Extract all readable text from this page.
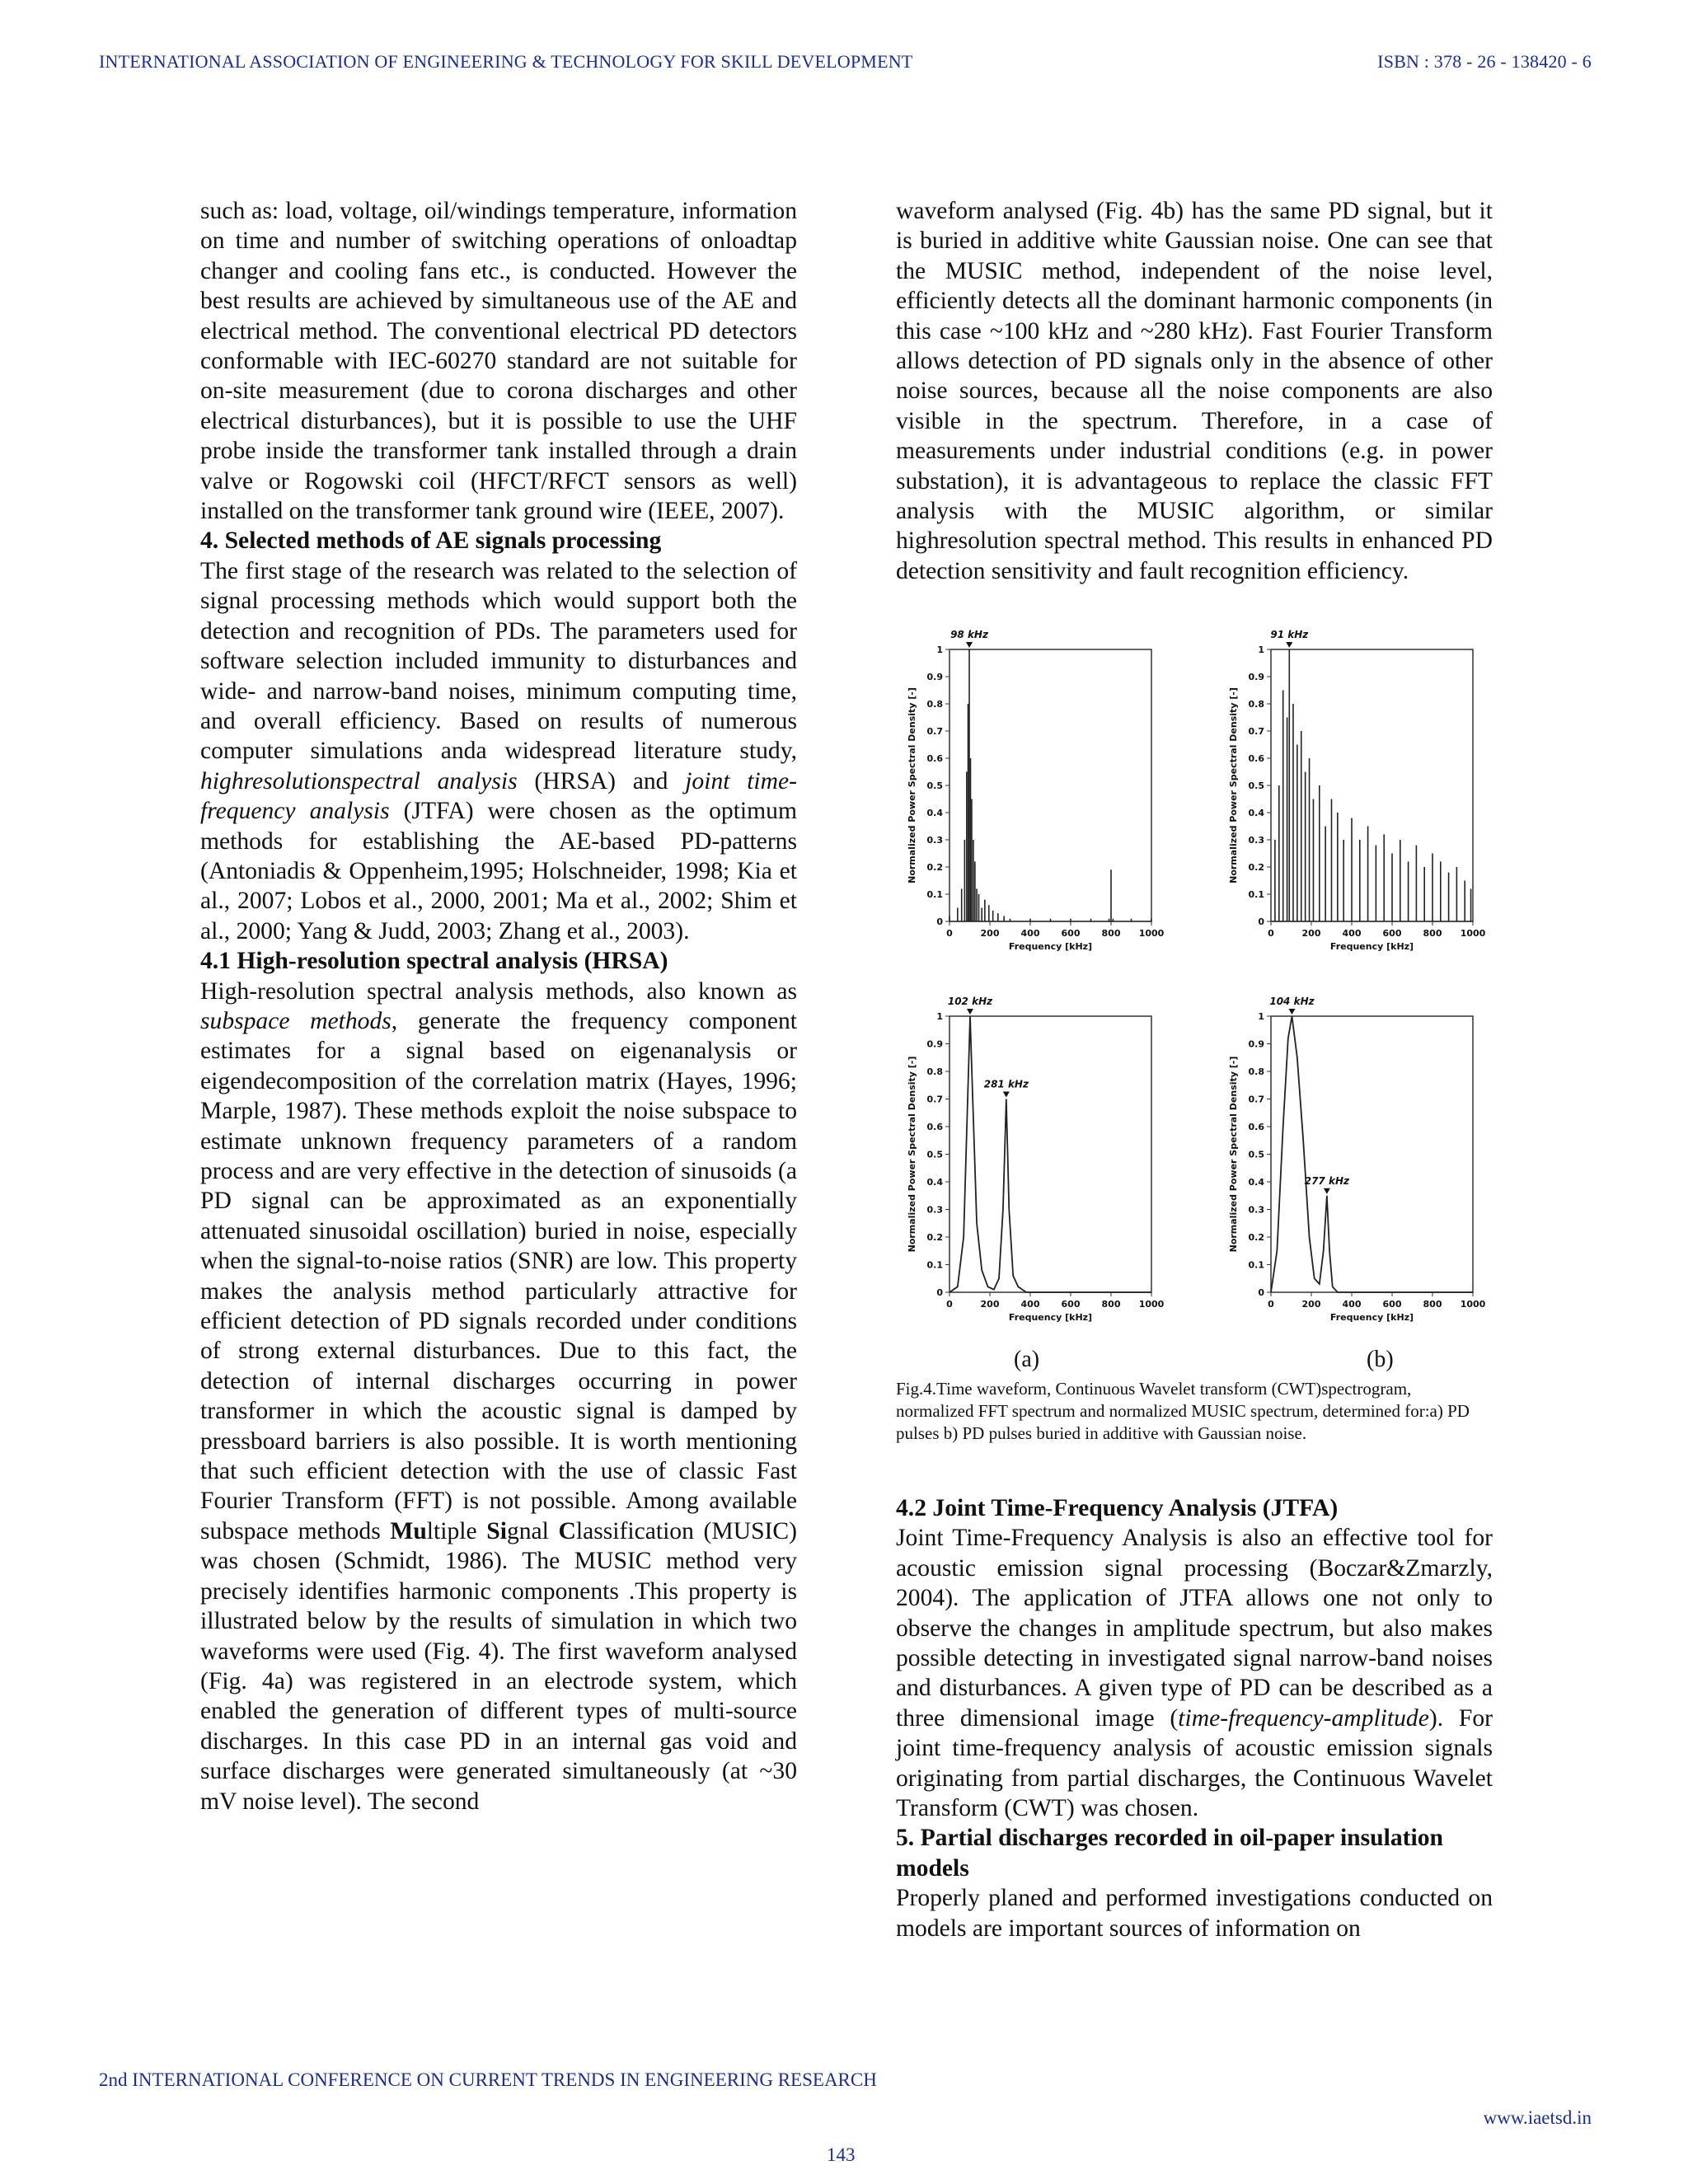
INTERNATIONAL ASSOCIATION OF ENGINEERING & TECHNOLOGY FOR SKILL DEVELOPMENT	ISBN : 378 - 26 - 138420 - 6

such as: load, voltage, oil/windings temperature, information on time and number of switching operations of onloadtap changer and cooling fans etc., is conducted. However the best results are achieved by simultaneous use of the AE and electrical method. The conventional electrical PD detectors conformable with IEC-60270 standard are not suitable for on-site measurement (due to corona discharges and other electrical disturbances), but it is possible to use the UHF probe inside the transformer tank installed through a drain valve or Rogowski coil (HFCT/RFCT sensors as well) installed on the transformer tank ground wire (IEEE, 2007).

4. Selected methods of AE signals processing

The first stage of the research was related to the selection of signal processing methods which would support both the detection and recognition of PDs. The parameters used for software selection included immunity to disturbances and wide- and narrow-band noises, minimum computing time, and overall efficiency. Based on results of numerous computer simulations anda widespread literature study, highresolutionspectral analysis (HRSA) and joint time-frequency analysis (JTFA) were chosen as the optimum methods for establishing the AE-based PD-patterns (Antoniadis & Oppenheim,1995; Holschneider, 1998; Kia et al., 2007; Lobos et al., 2000, 2001; Ma et al., 2002; Shim et al., 2000; Yang & Judd, 2003; Zhang et al., 2003).

4.1 High-resolution spectral analysis (HRSA)

High-resolution spectral analysis methods, also known as subspace methods, generate the frequency component estimates for a signal based on eigenanalysis or eigendecomposition of the correlation matrix (Hayes, 1996; Marple, 1987). These methods exploit the noise subspace to estimate unknown frequency parameters of a random process and are very effective in the detection of sinusoids (a PD signal can be approximated as an exponentially attenuated sinusoidal oscillation) buried in noise, especially when the signal-to-noise ratios (SNR) are low. This property makes the analysis method particularly attractive for efficient detection of PD signals recorded under conditions of strong external disturbances. Due to this fact, the detection of internal discharges occurring in power transformer in which the acoustic signal is damped by pressboard barriers is also possible. It is worth mentioning that such efficient detection with the use of classic Fast Fourier Transform (FFT) is not possible. Among available subspace methods Multiple Signal Classification (MUSIC) was chosen (Schmidt, 1986). The MUSIC method very precisely identifies harmonic components .This property is illustrated below by the results of simulation in which two waveforms were used (Fig. 4). The first waveform analysed (Fig. 4a) was registered in an electrode system, which enabled the generation of different types of multi-source discharges. In this case PD in an internal gas void and surface discharges were generated simultaneously (at ~30 mV noise level). The second

waveform analysed (Fig. 4b) has the same PD signal, but it is buried in additive white Gaussian noise. One can see that the MUSIC method, independent of the noise level, efficiently detects all the dominant harmonic components (in this case ~100 kHz and ~280 kHz). Fast Fourier Transform allows detection of PD signals only in the absence of other noise sources, because all the noise components are also visible in the spectrum. Therefore, in a case of measurements under industrial conditions (e.g. in power substation), it is advantageous to replace the classic FFT analysis with the MUSIC algorithm, or similar highresolution spectral method. This results in enhanced PD detection sensitivity and fault recognition efficiency.

0
0.1
0.2
0.3
0.4
0.5
0.6
0.7
0.8
0.9
1
0	200 400 600 800 1000
Frequency [kHz]
Normalized Power Spectral Density [-]
98 kHz
0
0.1
0.2
0.3
0.4
0.5
0.6
0.7
0.8
0.9
1
0	200 400 600 800 1000
Frequency [kHz]
Normalized Power Spectral Density [-]
91 kHz
0
0.1
0.2
0.3
0.4
0.5
0.6
0.7
0.8
0.9
1
0	200 400 600 800 1000
Frequency [kHz]
Normalized Power Spectral Density [-]
102 kHz
281 kHz
0
0.1
0.2
0.3
0.4
0.5
0.6
0.7
0.8
0.9
1
0	200 400 600 800 1000
Frequency [kHz]
Normalized Power Spectral Density [-]
104 kHz
277 kHz
(a)	(b)
Fig.4.Time waveform, Continuous Wavelet transform (CWT)spectrogram, normalized FFT spectrum and normalized MUSIC spectrum, determined for:a) PD pulses b) PD pulses buried in additive with Gaussian noise.
4.2 Joint Time-Frequency Analysis (JTFA)

Joint Time-Frequency Analysis is also an effective tool for acoustic emission signal processing (Boczar&Zmarzly, 2004). The application of JTFA allows one not only to observe the changes in amplitude spectrum, but also makes possible detecting in investigated signal narrow-band noises and disturbances. A given type of PD can be described as a three dimensional image (time-frequency-amplitude). For joint time-frequency analysis of acoustic emission signals originating from partial discharges, the Continuous Wavelet Transform (CWT) was chosen.

5. Partial discharges recorded in oil-paper insulation models

Properly planed and performed investigations conducted on models are important sources of information on

2nd INTERNATIONAL CONFERENCE ON CURRENT TRENDS IN ENGINEERING RESEARCH
www.iaetsd.in
143
